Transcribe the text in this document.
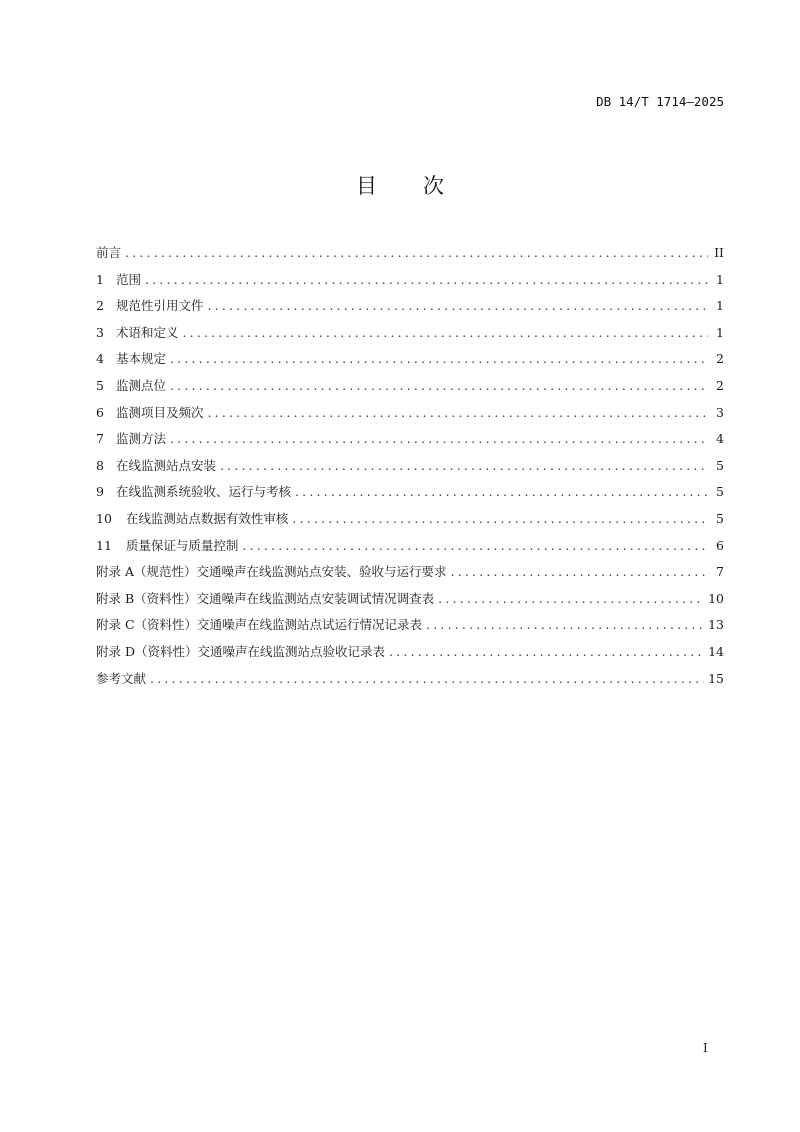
DB 14/T 1714—2025
目 次
前言 .....	II
1 范围 .....	1
2 规范性引用文件 .....	1
3 术语和定义 .....	1
4 基本规定 .....	2
5 监测点位 .....	2
6 监测项目及频次 .....	3
7 监测方法 .....	4
8 在线监测站点安装 .....	5
9 在线监测系统验收、运行与考核 .....	5
10 在线监测站点数据有效性审核 .....	5
11 质量保证与质量控制 .....	6
附录 A（规范性）交通噪声在线监测站点安装、验收与运行要求 .....	7
附录 B（资料性）交通噪声在线监测站点安装调试情况调查表 .....	10
附录 C（资料性）交通噪声在线监测站点试运行情况记录表 .....	13
附录 D（资料性）交通噪声在线监测站点验收记录表 .....	14
参考文献 .....	15
I
